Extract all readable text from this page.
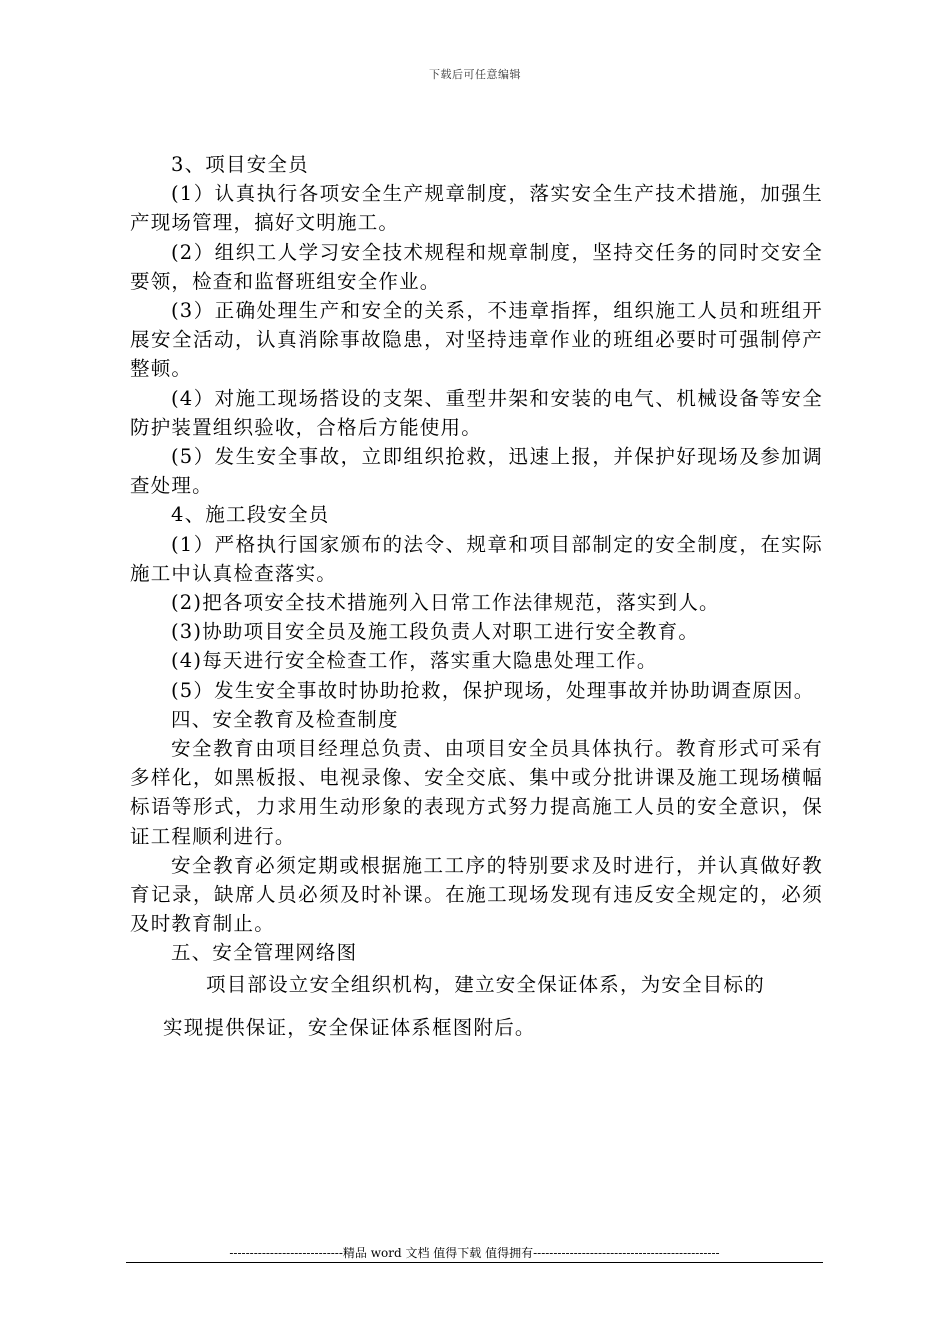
下载后可任意编辑

3、项目安全员

(1）认真执行各项安全生产规章制度，落实安全生产技术措施，加强生产现场管理，搞好文明施工。

(2）组织工人学习安全技术规程和规章制度，坚持交任务的同时交安全要领，检查和监督班组安全作业。

(3）正确处理生产和安全的关系，不违章指挥，组织施工人员和班组开展安全活动，认真消除事故隐患，对坚持违章作业的班组必要时可强制停产整顿。

(4）对施工现场搭设的支架、重型井架和安装的电气、机械设备等安全防护装置组织验收，合格后方能使用。

(5）发生安全事故，立即组织抢救，迅速上报，并保护好现场及参加调查处理。

4、施工段安全员

(1）严格执行国家颁布的法令、规章和项目部制定的安全制度，在实际施工中认真检查落实。

(2)把各项安全技术措施列入日常工作法律规范，落实到人。

(3)协助项目安全员及施工段负责人对职工进行安全教育。

(4)每天进行安全检查工作，落实重大隐患处理工作。

(5）发生安全事故时协助抢救，保护现场，处理事故并协助调查原因。

四、安全教育及检查制度

安全教育由项目经理总负责、由项目安全员具体执行。教育形式可采有多样化，如黑板报、电视录像、安全交底、集中或分批讲课及施工现场横幅标语等形式，力求用生动形象的表现方式努力提高施工人员的安全意识，保证工程顺利进行。

安全教育必须定期或根据施工工序的特别要求及时进行，并认真做好教育记录，缺席人员必须及时补课。在施工现场发现有违反安全规定的，必须及时教育制止。

五、安全管理网络图

项目部设立安全组织机构，建立安全保证体系，为安全目标的

实现提供保证，安全保证体系框图附后。

----------------------------精品 word 文档 值得下载 值得拥有----------------------------------------------
